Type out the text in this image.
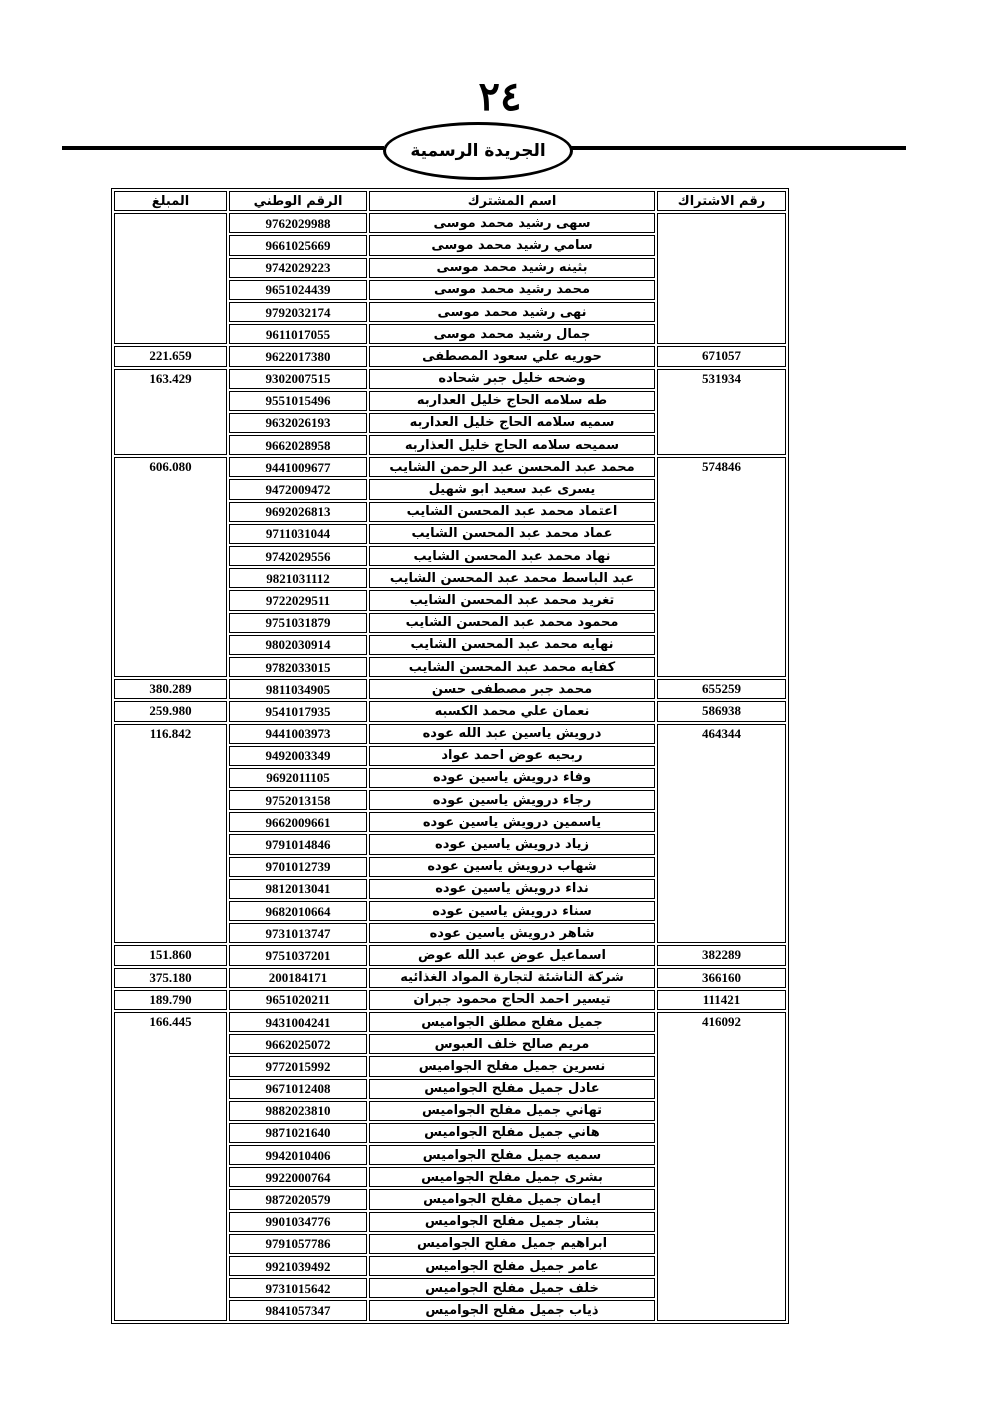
٢٤
الجريدة الرسمية
المبلغ	الرقم الوطني	اسم المشترك	رقم الاشتراك
	9762029988	سهى رشيد محمد موسى	
	9661025669	سامي رشيد محمد موسى	
	9742029223	بثينه رشيد محمد موسى	
	9651024439	محمد رشيد محمد موسى	
	9792032174	نهى رشيد محمد موسى	
	9611017055	جمال رشيد محمد موسى	
221.659	9622017380	حوريه علي سعود المصطفى	671057
163.429	9302007515	وضحه خليل جبر شحاده	531934
	9551015496	طه سلامه الحاج خليل العداربه	
	9632026193	سميه سلامه الحاج خليل العداربه	
	9662028958	سميحه سلامه الحاج خليل العذاربه	
606.080	9441009677	محمد عبد المحسن عبد الرحمن الشايب	574846
	9472009472	يسرى عبد سعيد ابو شهيل	
	9692026813	اعتماد محمد عبد المحسن الشايب	
	9711031044	عماد محمد عبد المحسن الشايب	
	9742029556	نهاد محمد عبد المحسن الشايب	
	9821031112	عبد الباسط محمد عبد المحسن الشايب	
	9722029511	تغريد محمد عبد المحسن الشايب	
	9751031879	محمود محمد عبد المحسن الشايب	
	9802030914	نهايه محمد عبد المحسن الشايب	
	9782033015	كفايه محمد عبد المحسن الشايب	
380.289	9811034905	محمد جبر مصطفى حسن	655259
259.980	9541017935	نعمان علي محمد الكسبه	586938
116.842	9441003973	درويش ياسين عبد الله عوده	464344
	9492003349	ربحيه عوض احمد عواد	
	9692011105	وفاء درويش ياسين عوده	
	9752013158	رجاء درويش ياسين عوده	
	9662009661	ياسمين درويش ياسين عوده	
	9791014846	زياد درويش ياسين عوده	
	9701012739	شهاب درويش ياسين عوده	
	9812013041	نداء درويش ياسين عوده	
	9682010664	سناء درويش ياسين عوده	
	9731013747	شاهر درويش ياسين عوده	
151.860	9751037201	اسماعيل عوض عبد الله عوض	382289
375.180	200184171	شركة الناشئة لتجارة المواد الغذائيه	366160
189.790	9651020211	تيسير احمد الحاج محمود جبران	111421
166.445	9431004241	جميل مفلح مطلق الجواميس	416092
	9662025072	مريم صالح خلف العبوس	
	9772015992	نسرين جميل مفلح الجواميس	
	9671012408	عادل جميل مفلح الجواميس	
	9882023810	تهاني جميل مفلح الجواميس	
	9871021640	هاني جميل مفلح الجواميس	
	9942010406	سميه جميل مفلح الجواميس	
	9922000764	بشرى جميل مفلح الجواميس	
	9872020579	ايمان جميل مفلح الجواميس	
	9901034776	بشار جميل مفلح الجواميس	
	9791057786	ابراهيم جميل مفلح الجواميس	
	9921039492	عامر جميل مفلح الجواميس	
	9731015642	خلف جميل مفلح الجواميس	
	9841057347	ذياب جميل مفلح الجواميس	
